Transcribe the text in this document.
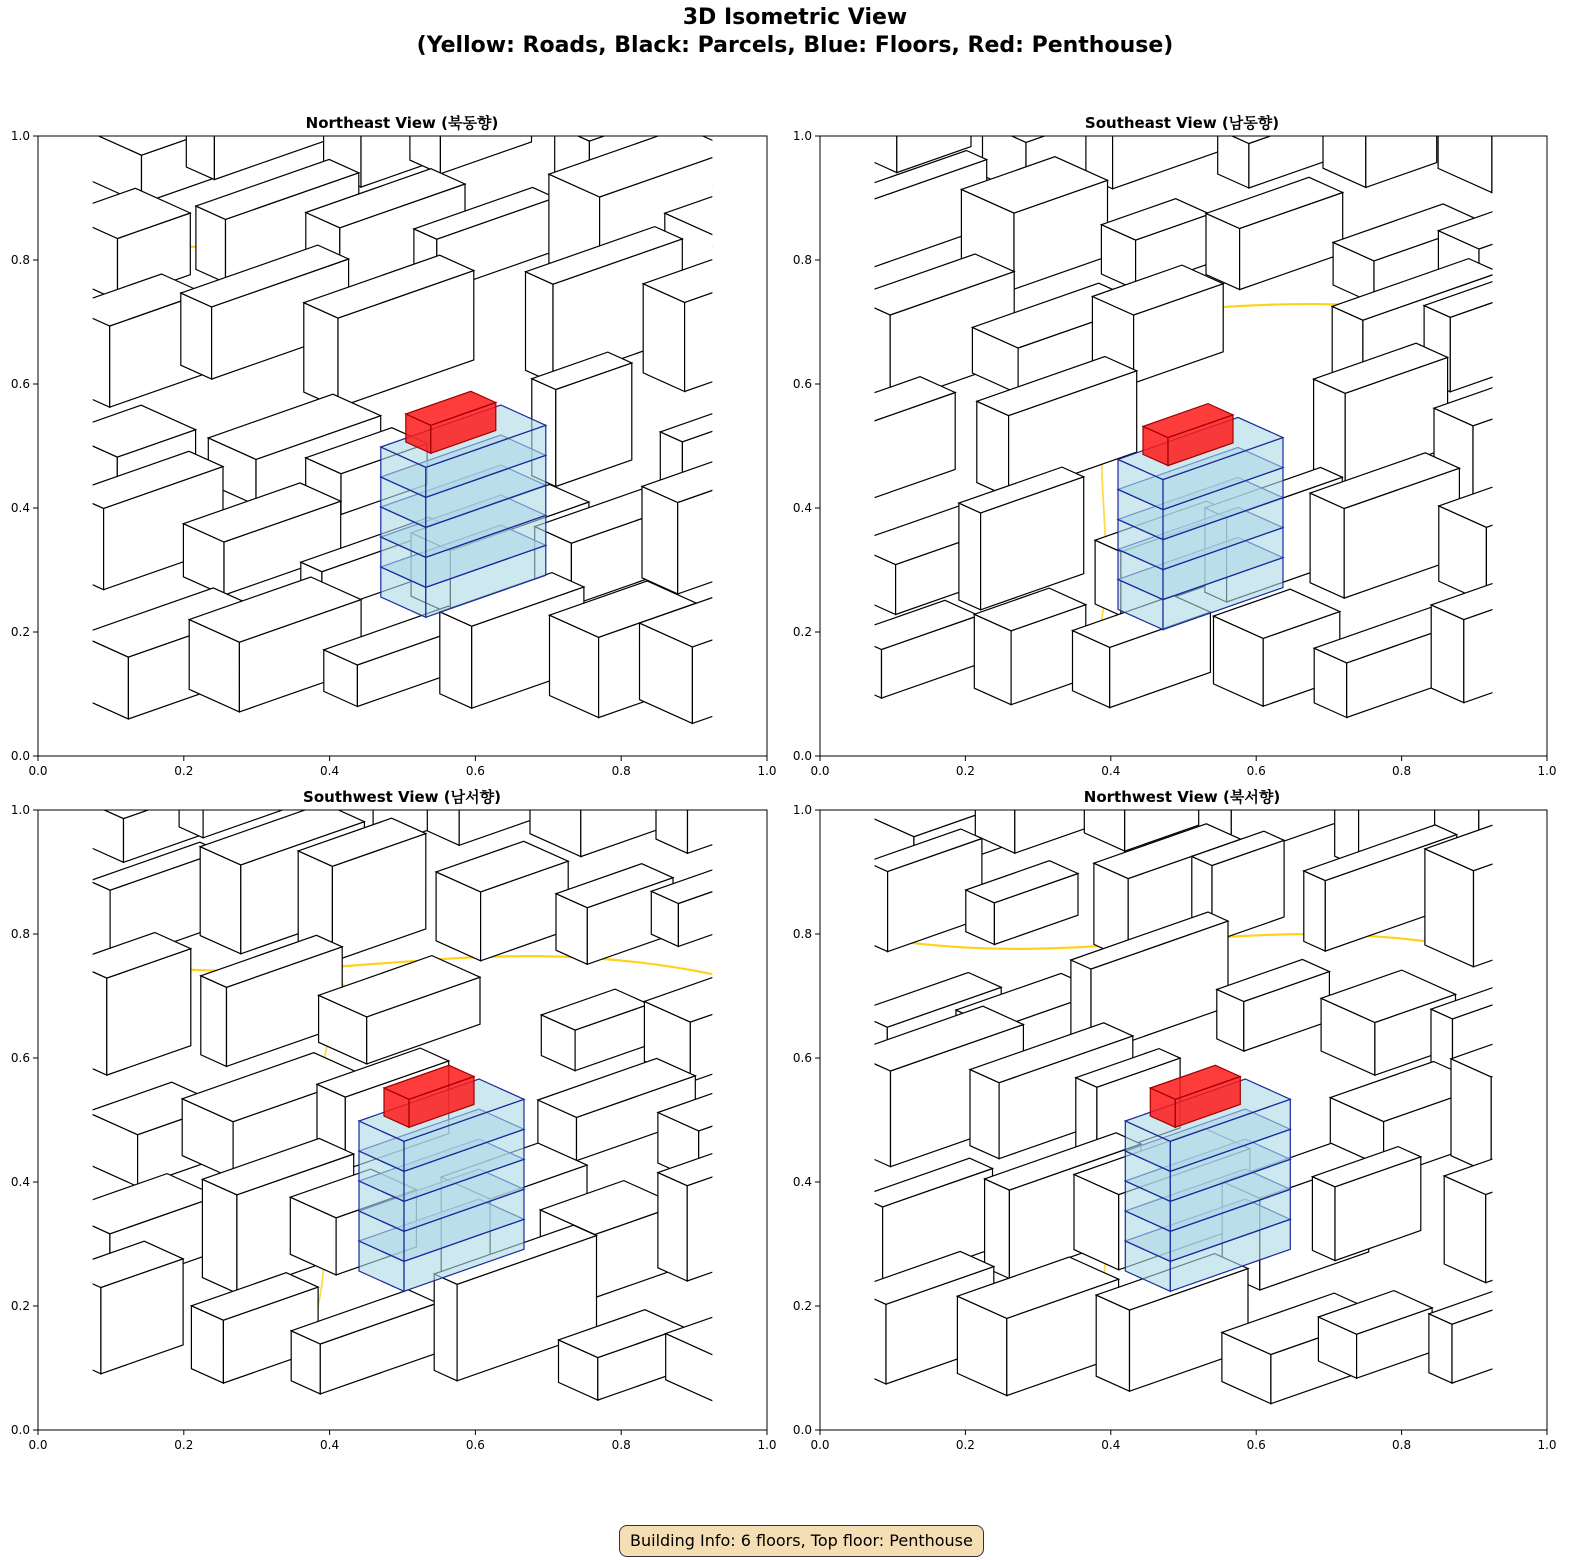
3D Isometric View
(Yellow: Roads, Black: Parcels, Blue: Floors, Red: Penthouse)
Northeast View (북동향)	Southeast View (남동향)
Southwest View (남서향)	Northwest View (북서향)
0.0	0.2	0.4	0.6	0.8	1.0
0.0
0.2
0.4
0.6
0.8
1.0
0.0	0.2	0.4	0.6	0.8	1.0
0.0
0.2
0.4
0.6
0.8
1.0
0.0	0.2	0.4	0.6	0.8	1.0
0.0
0.2
0.4
0.6
0.8
1.0
0.0	0.2	0.4	0.6	0.8	1.0
0.0
0.2
0.4
0.6
0.8
1.0
Building Info: 6 floors, Top floor: Penthouse
